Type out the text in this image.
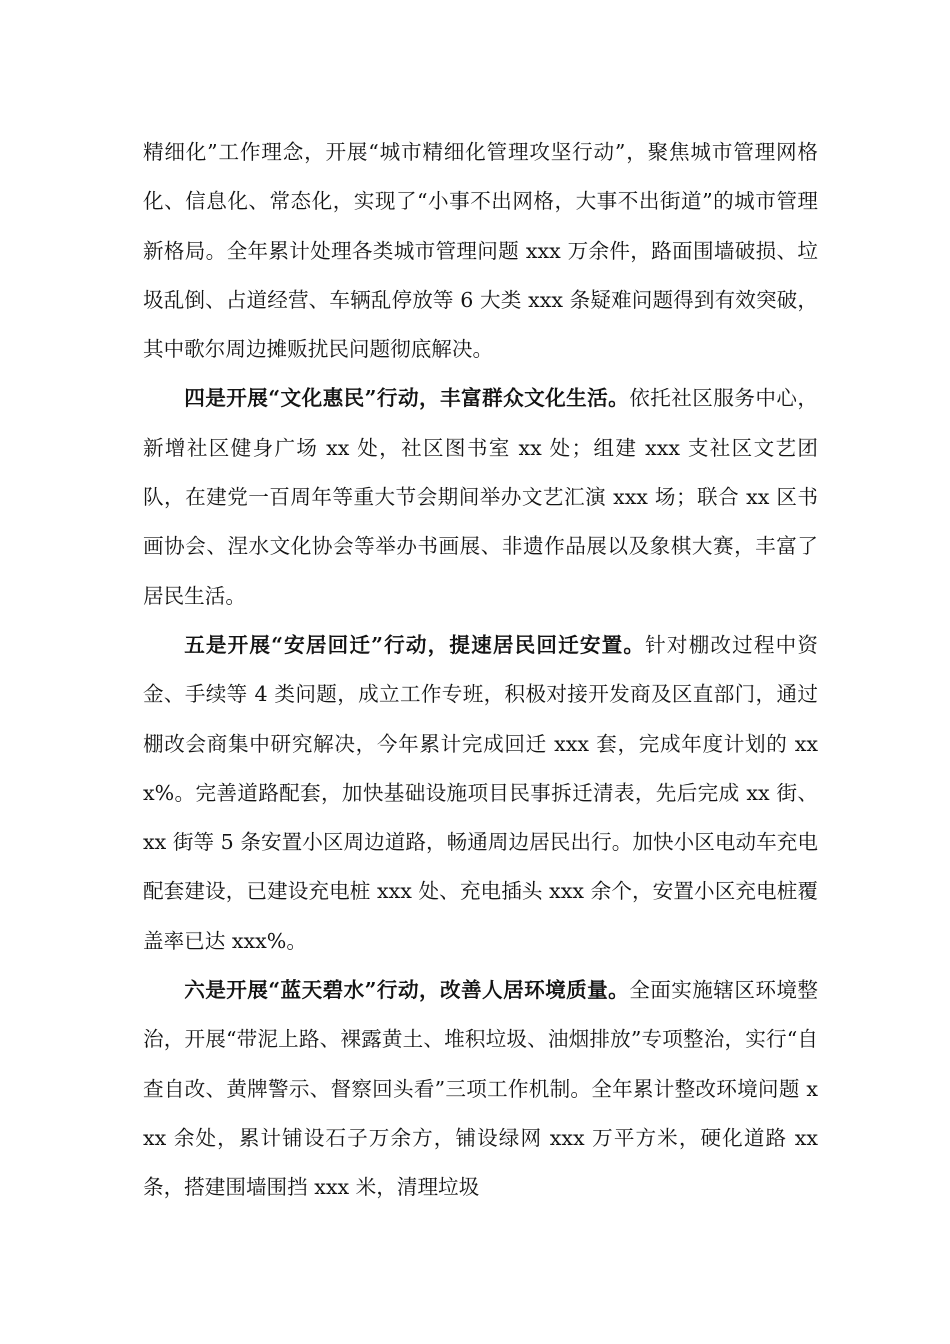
精细化”工作理念，开展“城市精细化管理攻坚行动”，聚焦城市管理网格化、信息化、常态化，实现了“小事不出网格，大事不出街道”的城市管理新格局。全年累计处理各类城市管理问题 xxx 万余件，路面围墙破损、垃圾乱倒、占道经营、车辆乱停放等 6 大类 xxx 条疑难问题得到有效突破，其中歌尔周边摊贩扰民问题彻底解决。

四是开展“文化惠民”行动，丰富群众文化生活。依托社区服务中心，新增社区健身广场 xx 处，社区图书室 xx 处；组建 xxx 支社区文艺团队，在建党一百周年等重大节会期间举办文艺汇演 xxx 场；联合 xx 区书画协会、涅水文化协会等举办书画展、非遗作品展以及象棋大赛，丰富了居民生活。

五是开展“安居回迁”行动，提速居民回迁安置。针对棚改过程中资金、手续等 4 类问题，成立工作专班，积极对接开发商及区直部门，通过棚改会商集中研究解决，今年累计完成回迁 xxx 套，完成年度计划的 xxx%。完善道路配套，加快基础设施项目民事拆迁清表，先后完成 xx 街、xx 街等 5 条安置小区周边道路，畅通周边居民出行。加快小区电动车充电配套建设，已建设充电桩 xxx 处、充电插头 xxx 余个，安置小区充电桩覆盖率已达 xxx%。

六是开展“蓝天碧水”行动，改善人居环境质量。全面实施辖区环境整治，开展“带泥上路、裸露黄土、堆积垃圾、油烟排放”专项整治，实行“自查自改、黄牌警示、督察回头看”三项工作机制。全年累计整改环境问题 xxx 余处，累计铺设石子万余方，铺设绿网 xxx 万平方米，硬化道路 xx 条，搭建围墙围挡 xxx 米，清理垃圾
